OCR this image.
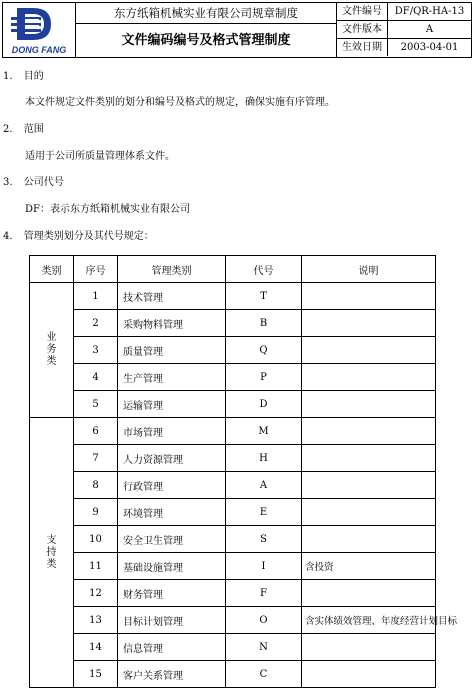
DONG FANG
东方纸箱机械实业有限公司规章制度
文件编码编号及格式管理制度
文件编号	DF/QR-HA-13
文件版本	A
生效日期	2003-04-01
1. 目的
本文件规定文件类别的划分和编号及格式的规定，确保实施有序管理。
2. 范围
适用于公司所质量管理体系文件。
3. 公司代号
DF：表示东方纸箱机械实业有限公司
4. 管理类别划分及其代号规定：
类别	序号	管理类别	代号	说明
业务类	1	技术管理	T	
	2	采购物料管理	B	
	3	质量管理	Q	
	4	生产管理	P	
	5	运输管理	D	
支持类	6	市场管理	M	
	7	人力资源管理	H	
	8	行政管理	A	
	9	环境管理	E	
	10	安全卫生管理	S	
	11	基础设施管理	I	含投资
	12	财务管理	F	
	13	目标计划管理	O	含实体绩效管理、年度经营计划目标
	14	信息管理	N	
	15	客户关系管理	C	
